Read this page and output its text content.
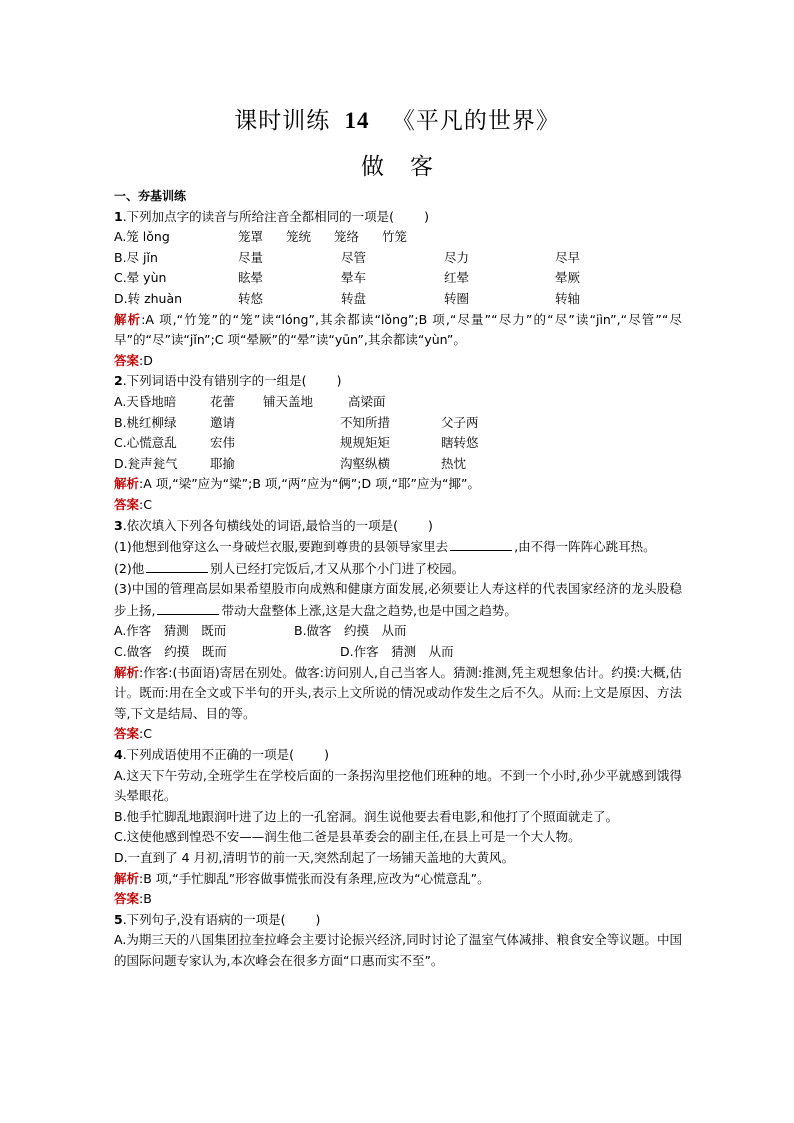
课时训练 14 《平凡的世界》
做客
一、夯基训练
1.下列加点字的读音与所给注音全都相同的一项是( )
A.笼 lǒng	笼罩	笼统	笼络	竹笼
B.尽 jǐn	尽量	尽管	尽力	尽早
C.晕 yùn	眩晕	晕车	红晕	晕厥
D.转 zhuàn	转悠	转盘	转圈	转轴
解析:A 项,“竹笼”的“笼”读“lóng”,其余都读“lǒng”;B 项,“尽量”“尽力”的“尽”读“jìn”,“尽管”“尽早”的“尽”读“jǐn”;C 项“晕厥”的“晕”读“yūn”,其余都读“yùn”。
答案:D
2.下列词语中没有错别字的一组是( )
A.天昏地暗	花蕾	铺天盖地	高梁面
B.桃红柳绿	邀请	不知所措	父子两
C.心慌意乱	宏伟	规规矩矩	瞎转悠
D.瓮声瓮气	耶揄	沟壑纵横	热忱
解析:A 项,“梁”应为“粱”;B 项,“两”应为“俩”;D 项,“耶”应为“揶”。
答案:C
3.依次填入下列各句横线处的词语,最恰当的一项是( )
(1)他想到他穿这么一身破烂衣服,要跑到尊贵的县领导家里去	,由不得一阵阵心跳耳热。
(2)他	别人已经打完饭后,才又从那个小门进了校园。
(3)中国的管理高层如果希望股市向成熟和健康方面发展,必须要让人寿这样的代表国家经济的龙头股稳步上扬,	带动大盘整体上涨,这是大盘之趋势,也是中国之趋势。
A.作客　猜测　既而	B.做客　约摸　从而
C.做客　约摸　既而	D.作客　猜测　从而
解析:作客:(书面语)寄居在别处。做客:访问别人,自己当客人。猜测:推测,凭主观想象估计。约摸:大概,估计。既而:用在全文或下半句的开头,表示上文所说的情况或动作发生之后不久。从而:上文是原因、方法等,下文是结局、目的等。
答案:C
4.下列成语使用不正确的一项是( )
A.这天下午劳动,全班学生在学校后面的一条拐沟里挖他们班种的地。不到一个小时,孙少平就感到饿得头晕眼花。
B.他手忙脚乱地跟润叶进了边上的一孔窑洞。润生说他要去看电影,和他打了个照面就走了。
C.这使他感到惶恐不安——润生他二爸是县革委会的副主任,在县上可是一个大人物。
D.一直到了 4 月初,清明节的前一天,突然刮起了一场铺天盖地的大黄风。
解析:B 项,“手忙脚乱”形容做事慌张而没有条理,应改为“心慌意乱”。
答案:B
5.下列句子,没有语病的一项是( )
A.为期三天的八国集团拉奎拉峰会主要讨论振兴经济,同时讨论了温室气体减排、粮食安全等议题。中国的国际问题专家认为,本次峰会在很多方面“口惠而实不至”。
